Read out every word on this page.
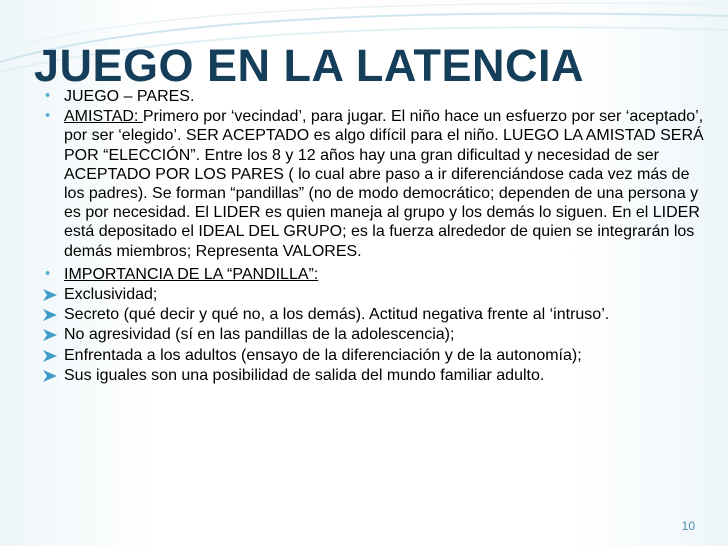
JUEGO EN LA LATENCIA
• JUEGO – PARES.
• AMISTAD: Primero por ‘vecindad’, para jugar. El niño hace un esfuerzo por ser ‘aceptado’, por ser ‘elegido’. SER ACEPTADO es algo difícil para el niño. LUEGO LA AMISTAD SERÁ POR “ELECCIÓN”. Entre los 8 y 12 años hay una gran dificultad y necesidad de ser ACEPTADO POR LOS PARES ( lo cual abre paso a ir diferenciándose cada vez más de los padres). Se forman “pandillas” (no de modo democrático; dependen de una persona y es por necesidad. El LIDER es quien maneja al grupo y los demás lo siguen. En el LIDER está depositado el IDEAL DEL GRUPO; es la fuerza alrededor de quien se integrarán los demás miembros; Representa VALORES.
• IMPORTANCIA DE LA “PANDILLA”:
Exclusividad;
Secreto (qué decir y qué no, a los demás). Actitud negativa frente al ‘intruso’.
No agresividad (sí en las pandillas de la adolescencia);
Enfrentada a los adultos (ensayo de la diferenciación y de la autonomía);
Sus iguales son una posibilidad de salida del mundo familiar adulto.
10
